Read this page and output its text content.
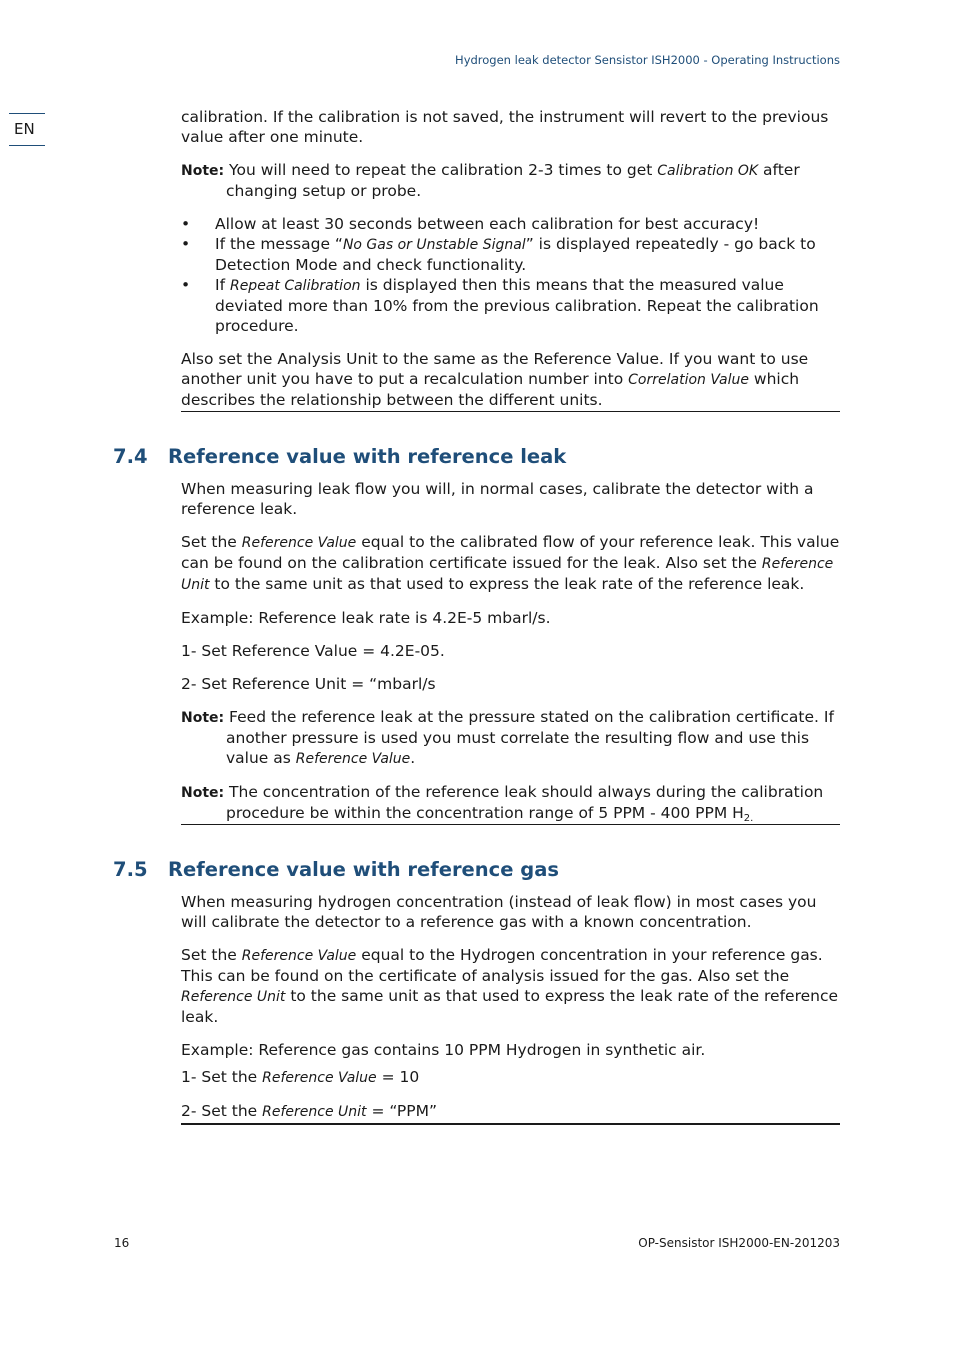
Hydrogen leak detector Sensistor ISH2000 - Operating Instructions
EN

calibration. If the calibration is not saved, the instrument will revert to the previous value after one minute.

Note: You will need to repeat the calibration 2-3 times to get Calibration OK after changing setup or probe.

• Allow at least 30 seconds between each calibration for best accuracy!
• If the message “No Gas or Unstable Signal” is displayed repeatedly - go back to Detection Mode and check functionality.
• If Repeat Calibration is displayed then this means that the measured value deviated more than 10% from the previous calibration. Repeat the calibration procedure.

Also set the Analysis Unit to the same as the Reference Value. If you want to use another unit you have to put a recalculation number into Correlation Value which describes the relationship between the different units.

7.4	Reference value with reference leak

When measuring leak flow you will, in normal cases, calibrate the detector with a reference leak.

Set the Reference Value equal to the calibrated flow of your reference leak. This value can be found on the calibration certificate issued for the leak. Also set the Reference Unit to the same unit as that used to express the leak rate of the reference leak.

Example: Reference leak rate is 4.2E-5 mbarl/s.

1- Set Reference Value = 4.2E-05.

2- Set Reference Unit = “mbarl/s

Note: Feed the reference leak at the pressure stated on the calibration certificate. If another pressure is used you must correlate the resulting flow and use this value as Reference Value.

Note: The concentration of the reference leak should always during the calibration procedure be within the concentration range of 5 PPM - 400 PPM $H_{2.}$

7.5	Reference value with reference gas

When measuring hydrogen concentration (instead of leak flow) in most cases you will calibrate the detector to a reference gas with a known concentration.

Set the Reference Value equal to the Hydrogen concentration in your reference gas. This can be found on the certificate of analysis issued for the gas. Also set the Reference Unit to the same unit as that used to express the leak rate of the reference leak.

Example: Reference gas contains 10 PPM Hydrogen in synthetic air.

1- Set the Reference Value = 10

2- Set the Reference Unit = “PPM”

16	OP-Sensistor ISH2000-EN-201203
